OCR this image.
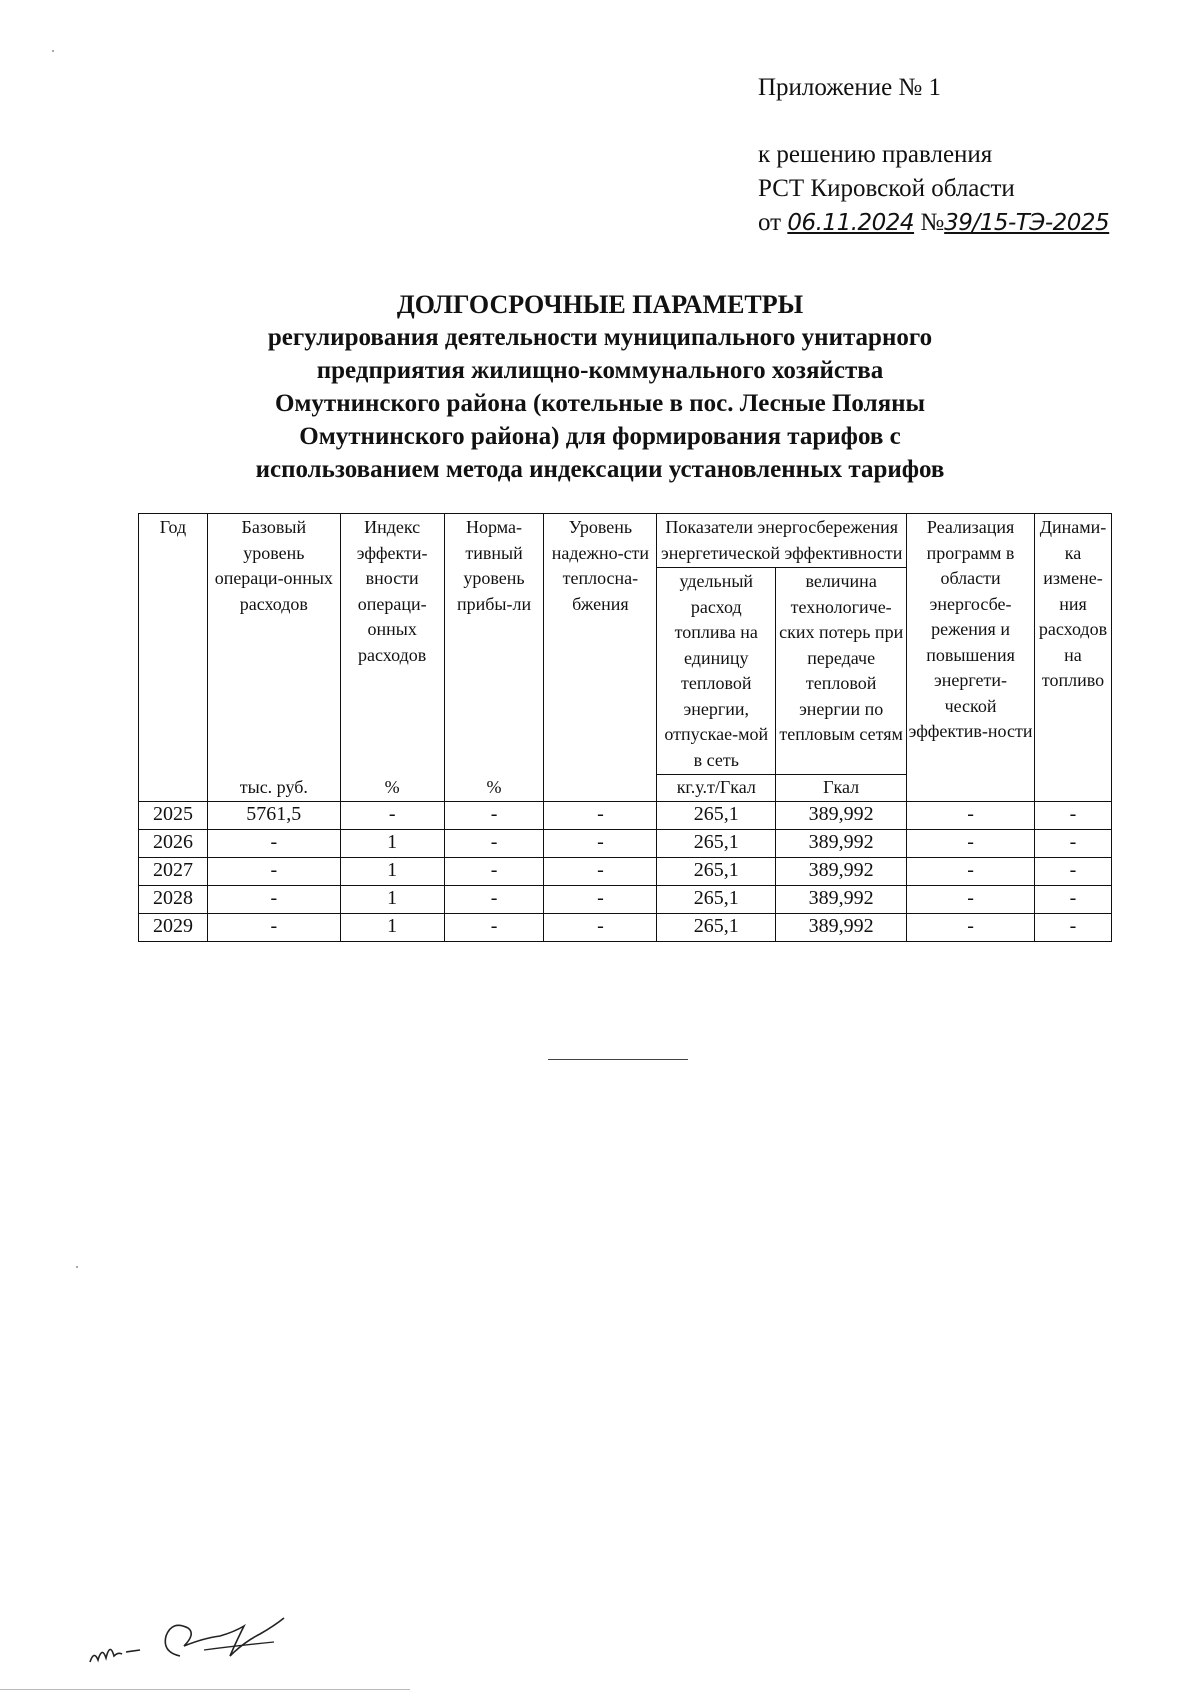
Приложение № 1
к решению правления
РСТ Кировской области
от 06.11.2024 №39/15-ТЭ-2025
ДОЛГОСРОЧНЫЕ ПАРАМЕТРЫ
регулирования деятельности муниципального унитарного
предприятия жилищно-коммунального хозяйства
Омутнинского района (котельные в пос. Лесные Поляны
Омутнинского района) для формирования тарифов с
использованием метода индексации установленных тарифов
Год	Базовый уровень операци-онных расходов	Индекс эффекти-вности операци-онных расходов	Норма-тивный уровень прибы-ли	Уровень надежно-сти теплосна-бжения	Показатели энергосбережения энергетической эффективности		Реализация программ в области энергосбе-режения и повышения энергети-ческой эффектив-ности	Динами-ка измене-ния расходов на топливо
					удельный расход топлива на единицу тепловой энергии, отпускае-мой в сеть	величина технологиче-ских потерь при передаче тепловой энергии по тепловым сетям		
	тыс. руб.	%	%		кг.у.т/Гкал	Гкал		
2025	5761,5	-	-	-	265,1	389,992	-	-
2026	-	1	-	-	265,1	389,992	-	-
2027	-	1	-	-	265,1	389,992	-	-
2028	-	1	-	-	265,1	389,992	-	-
2029	-	1	-	-	265,1	389,992	-	-
